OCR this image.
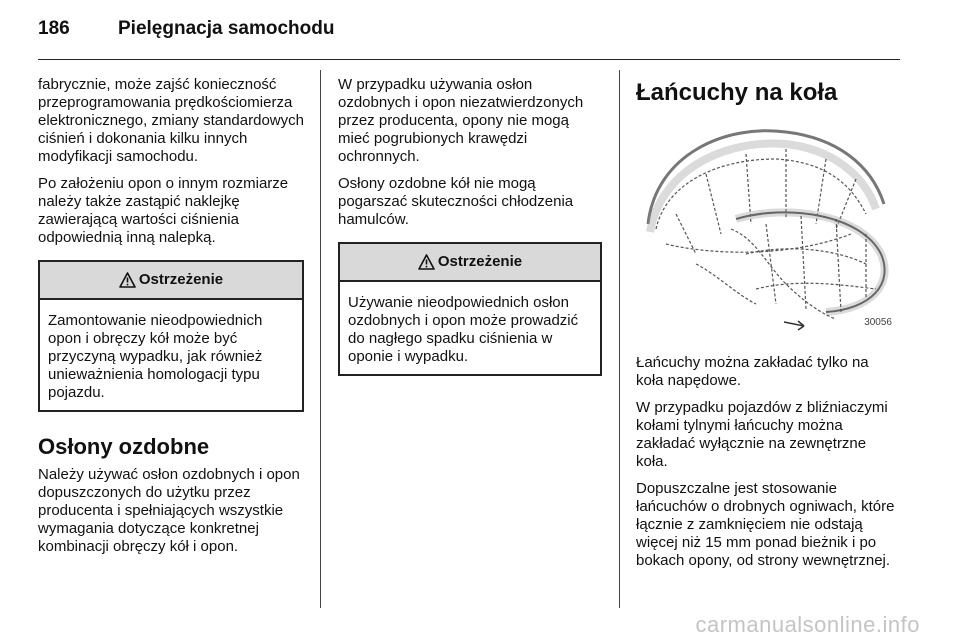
186	Pielęgnacja samochodu

fabrycznie, może zajść konieczność przeprogramowania prędkościomierza elektronicznego, zmiany standardowych ciśnień i dokonania kilku innych modyfikacji samochodu.

Po założeniu opon o innym rozmiarze należy także zastąpić naklejkę zawierającą wartości ciśnienia odpowiednią inną nalepką.

Ostrzeżenie
Zamontowanie nieodpowiednich opon i obręczy kół może być przyczyną wypadku, jak również unieważnienia homologacji typu pojazdu.
Osłony ozdobne

Należy używać osłon ozdobnych i opon dopuszczonych do użytku przez producenta i spełniających wszystkie wymagania dotyczące konkretnej kombinacji obręczy kół i opon.

W przypadku używania osłon ozdobnych i opon niezatwierdzonych przez producenta, opony nie mogą mieć pogrubionych krawędzi ochronnych.

Osłony ozdobne kół nie mogą pogarszać skuteczności chłodzenia hamulców.

Ostrzeżenie
Używanie nieodpowiednich osłon ozdobnych i opon może prowadzić do nagłego spadku ciśnienia w oponie i wypadku.
Łańcuchy na koła
30056

Łańcuchy można zakładać tylko na koła napędowe.

W przypadku pojazdów z bliźniaczymi kołami tylnymi łańcuchy można zakładać wyłącznie na zewnętrzne koła.

Dopuszczalne jest stosowanie łańcuchów o drobnych ogniwach, które łącznie z zamknięciem nie odstają więcej niż 15 mm ponad bieżnik i po bokach opony, od strony wewnętrznej.

carmanualsonline.info
